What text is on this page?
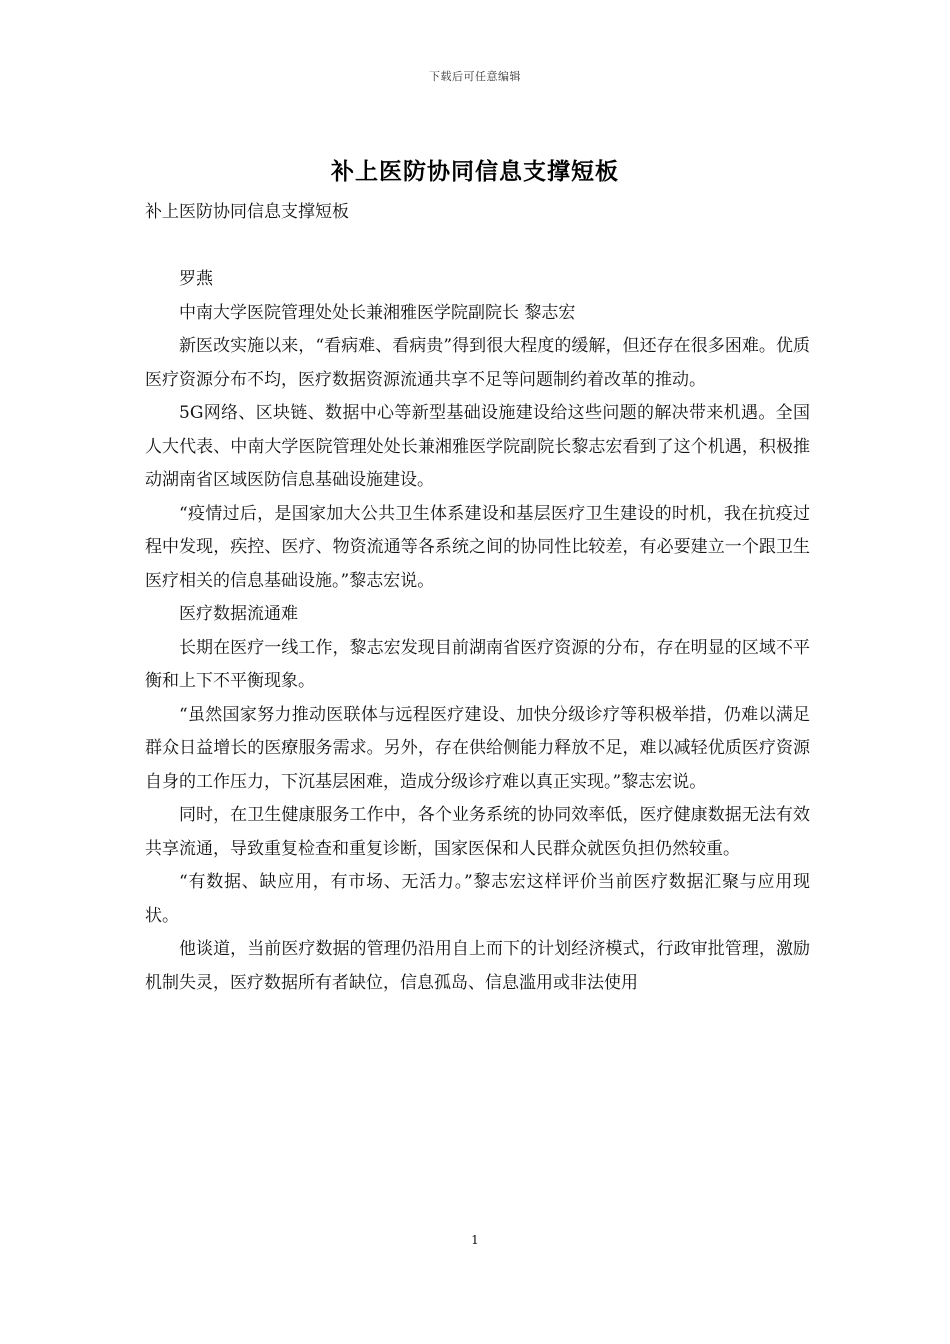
下载后可任意编辑
补上医防协同信息支撑短板

补上医防协同信息支撑短板

罗燕

中南大学医院管理处处长兼湘雅医学院副院长 黎志宏

新医改实施以来，“看病难、看病贵”得到很大程度的缓解，但还存在很多困难。优质医疗资源分布不均，医疗数据资源流通共享不足等问题制约着改革的推动。

5G网络、区块链、数据中心等新型基础设施建设给这些问题的解决带来机遇。全国人大代表、中南大学医院管理处处长兼湘雅医学院副院长黎志宏看到了这个机遇，积极推动湖南省区域医防信息基础设施建设。

“疫情过后，是国家加大公共卫生体系建设和基层医疗卫生建设的时机，我在抗疫过程中发现，疾控、医疗、物资流通等各系统之间的协同性比较差，有必要建立一个跟卫生医疗相关的信息基础设施。”黎志宏说。

医疗数据流通难

长期在医疗一线工作，黎志宏发现目前湖南省医疗资源的分布，存在明显的区域不平衡和上下不平衡现象。

“虽然国家努力推动医联体与远程医疗建设、加快分级诊疗等积极举措，仍难以满足群众日益增长的医療服务需求。另外，存在供给侧能力释放不足，难以减轻优质医疗资源自身的工作压力，下沉基层困难，造成分级诊疗难以真正实现。”黎志宏说。

同时，在卫生健康服务工作中，各个业务系统的协同效率低，医疗健康数据无法有效共享流通，导致重复检查和重复诊断，国家医保和人民群众就医负担仍然较重。

“有数据、缺应用，有市场、无活力。”黎志宏这样评价当前医疗数据汇聚与应用现状。

他谈道，当前医疗数据的管理仍沿用自上而下的计划经济模式，行政审批管理，激励机制失灵，医疗数据所有者缺位，信息孤岛、信息滥用或非法使用

1
